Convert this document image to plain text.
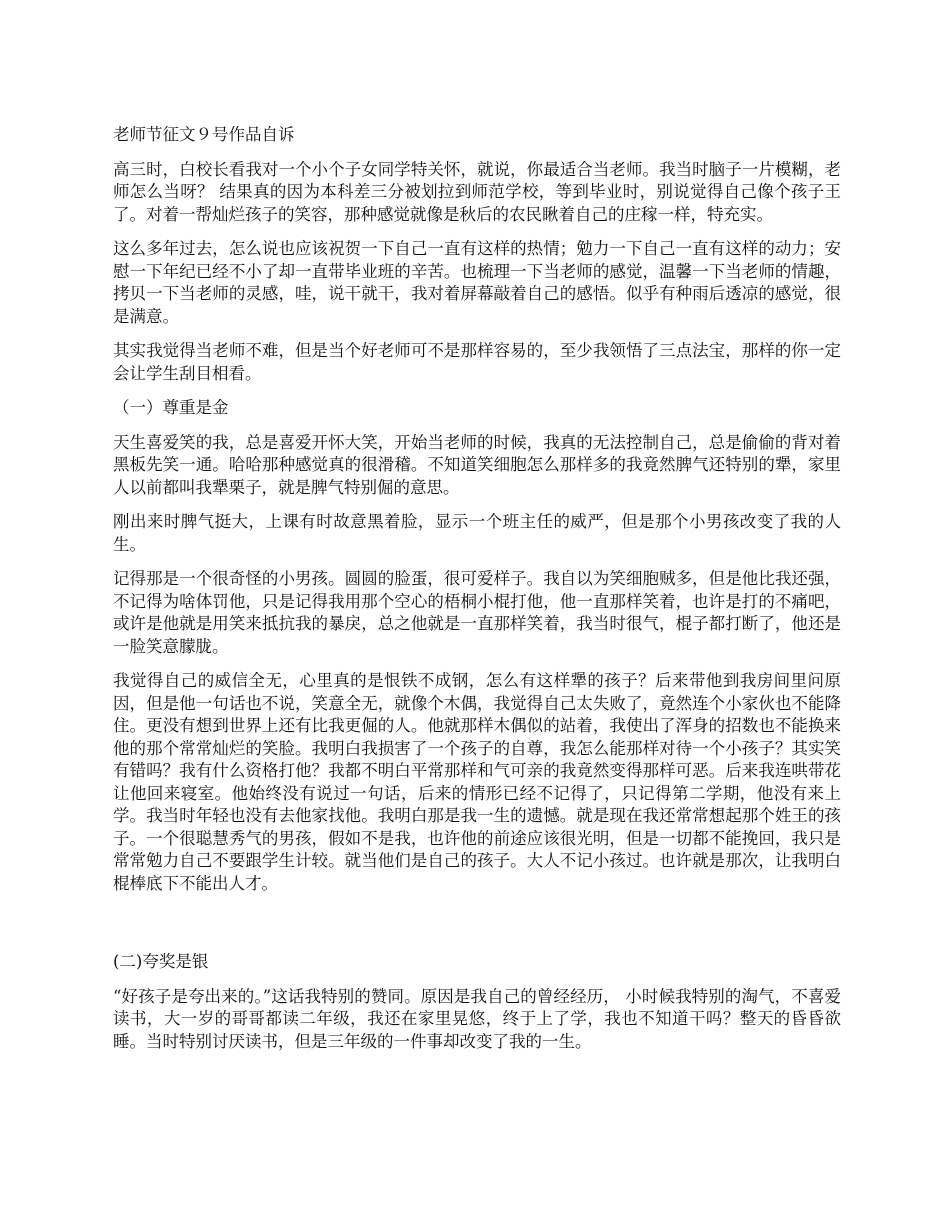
老师节征文９号作品自诉

高三时，白校长看我对一个小个子女同学特关怀，就说，你最适合当老师。我当时脑子一片模糊，老师怎么当呀？ 结果真的因为本科差三分被划拉到师范学校，等到毕业时，别说觉得自己像个孩子王了。对着一帮灿烂孩子的笑容，那种感觉就像是秋后的农民瞅着自己的庄稼一样，特充实。

这么多年过去，怎么说也应该祝贺一下自己一直有这样的热情；勉力一下自己一直有这样的动力；安慰一下年纪已经不小了却一直带毕业班的辛苦。也梳理一下当老师的感觉，温馨一下当老师的情趣，拷贝一下当老师的灵感，哇，说干就干，我对着屏幕敲着自己的感悟。似乎有种雨后透凉的感觉，很是满意。

其实我觉得当老师不难，但是当个好老师可不是那样容易的，至少我领悟了三点法宝，那样的你一定会让学生刮目相看。

（一）尊重是金

天生喜爱笑的我，总是喜爱开怀大笑，开始当老师的时候，我真的无法控制自己，总是偷偷的背对着黑板先笑一通。哈哈那种感觉真的很滑稽。不知道笑细胞怎么那样多的我竟然脾气还特别的犟，家里人以前都叫我犟栗子，就是脾气特别倔的意思。

刚出来时脾气挺大，上课有时故意黑着脸，显示一个班主任的威严，但是那个小男孩改变了我的人生。

记得那是一个很奇怪的小男孩。圆圆的脸蛋，很可爱样子。我自以为笑细胞贼多，但是他比我还强，不记得为啥体罚他，只是记得我用那个空心的梧桐小棍打他，他一直那样笑着，也许是打的不痛吧，或许是他就是用笑来抵抗我的暴戾，总之他就是一直那样笑着，我当时很气，棍子都打断了，他还是一脸笑意朦胧。

我觉得自己的威信全无，心里真的是恨铁不成钢，怎么有这样犟的孩子？后来带他到我房间里问原因，但是他一句话也不说，笑意全无，就像个木偶，我觉得自己太失败了，竟然连个小家伙也不能降住。更没有想到世界上还有比我更倔的人。他就那样木偶似的站着，我使出了浑身的招数也不能换来他的那个常常灿烂的笑脸。我明白我损害了一个孩子的自尊，我怎么能那样对待一个小孩子？其实笑有错吗？我有什么资格打他？我都不明白平常那样和气可亲的我竟然变得那样可恶。后来我连哄带花让他回来寝室。他始终没有说过一句话，后来的情形已经不记得了，只记得第二学期，他没有来上学。我当时年轻也没有去他家找他。我明白那是我一生的遗憾。就是现在我还常常想起那个姓王的孩子。一个很聪慧秀气的男孩，假如不是我，也许他的前途应该很光明，但是一切都不能挽回，我只是常常勉力自己不要跟学生计较。就当他们是自己的孩子。大人不记小孩过。也许就是那次，让我明白棍棒底下不能出人才。

(二)夸奖是银

“好孩子是夸出来的。”这话我特别的赞同。原因是我自己的曾经经历， 小时候我特别的淘气，不喜爱读书，大一岁的哥哥都读二年级，我还在家里晃悠，终于上了学，我也不知道干吗？整天的昏昏欲睡。当时特别讨厌读书，但是三年级的一件事却改变了我的一生。
